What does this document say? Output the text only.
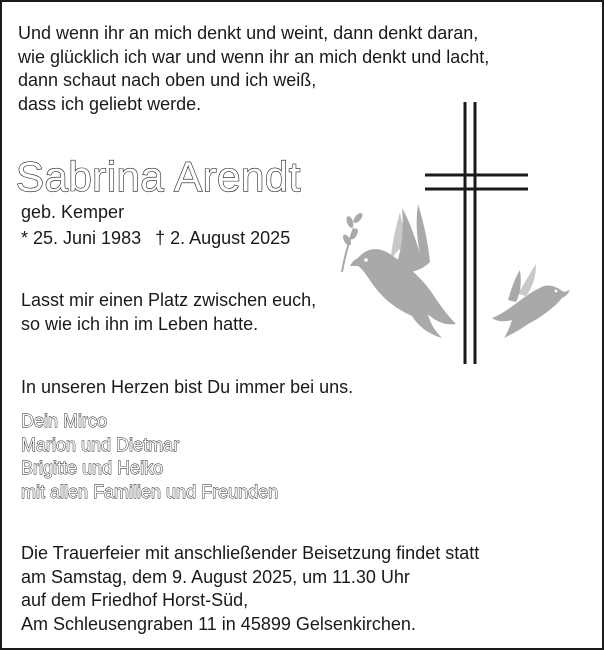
Und wenn ihr an mich denkt und weint, dann denkt daran,
wie glücklich ich war und wenn ihr an mich denkt und lacht,
dann schaut nach oben und ich weiß,
dass ich geliebt werde.
Sabrina Arendt
geb. Kemper
* 25. Juni 1983 † 2. August 2025
Lasst mir einen Platz zwischen euch,
so wie ich ihn im Leben hatte.
In unseren Herzen bist Du immer bei uns.
Dein Mirco
Marion und Dietmar
Brigitte und Heiko
mit allen Familien und Freunden
Die Trauerfeier mit anschließender Beisetzung findet statt
am Samstag, dem 9. August 2025, um 11.30 Uhr
auf dem Friedhof Horst-Süd,
Am Schleusengraben 11 in 45899 Gelsenkirchen.
